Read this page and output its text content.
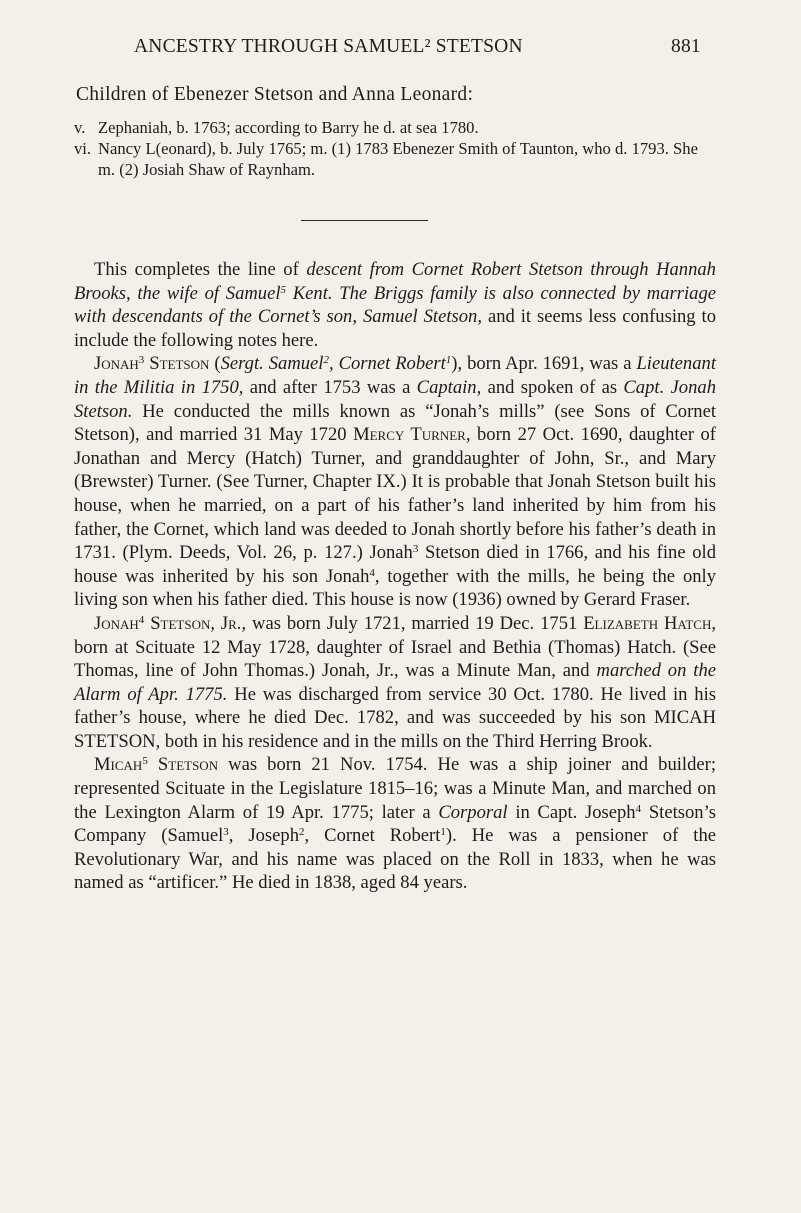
ANCESTRY THROUGH SAMUEL² STETSON	881
Children of Ebenezer Stetson and Anna Leonard:
v. Zephaniah, b. 1763; according to Barry he d. at sea 1780.
vi. Nancy L(eonard), b. July 1765; m. (1) 1783 Ebenezer Smith of Taunton, who d. 1793. She m. (2) Josiah Shaw of Raynham.

This completes the line of descent from Cornet Robert Stetson through Hannah Brooks, the wife of Samuel$^5$ Kent. The Briggs family is also connected by marriage with descendants of the Cornet’s son, Samuel Stetson, and it seems less confusing to include the following notes here.

Jonah$^3$ Stetson (Sergt. Samuel$^2$, Cornet Robert$^1$), born Apr. 1691, was a Lieutenant in the Militia in 1750, and after 1753 was a Captain, and spoken of as Capt. Jonah Stetson. He conducted the mills known as “Jonah’s mills” (see Sons of Cornet Stetson), and married 31 May 1720 Mercy Turner, born 27 Oct. 1690, daughter of Jonathan and Mercy (Hatch) Turner, and granddaughter of John, Sr., and Mary (Brewster) Turner. (See Turner, Chapter IX.) It is probable that Jonah Stetson built his house, when he married, on a part of his father’s land inherited by him from his father, the Cornet, which land was deeded to Jonah shortly before his father’s death in 1731. (Plym. Deeds, Vol. 26, p. 127.) Jonah$^3$ Stetson died in 1766, and his fine old house was inherited by his son Jonah$^4$, together with the mills, he being the only living son when his father died. This house is now (1936) owned by Gerard Fraser.

Jonah$^4$ Stetson, Jr., was born July 1721, married 19 Dec. 1751 Elizabeth Hatch, born at Scituate 12 May 1728, daughter of Israel and Bethia (Thomas) Hatch. (See Thomas, line of John Thomas.) Jonah, Jr., was a Minute Man, and marched on the Alarm of Apr. 1775. He was discharged from service 30 Oct. 1780. He lived in his father’s house, where he died Dec. 1782, and was succeeded by his son MICAH STETSON, both in his residence and in the mills on the Third Herring Brook.

Micah$^5$ Stetson was born 21 Nov. 1754. He was a ship joiner and builder; represented Scituate in the Legislature 1815–16; was a Minute Man, and marched on the Lexington Alarm of 19 Apr. 1775; later a Corporal in Capt. Joseph$^4$ Stetson’s Company (Samuel$^3$, Joseph$^2$, Cornet Robert$^1$). He was a pensioner of the Revolutionary War, and his name was placed on the Roll in 1833, when he was named as “artificer.” He died in 1838, aged 84 years.
